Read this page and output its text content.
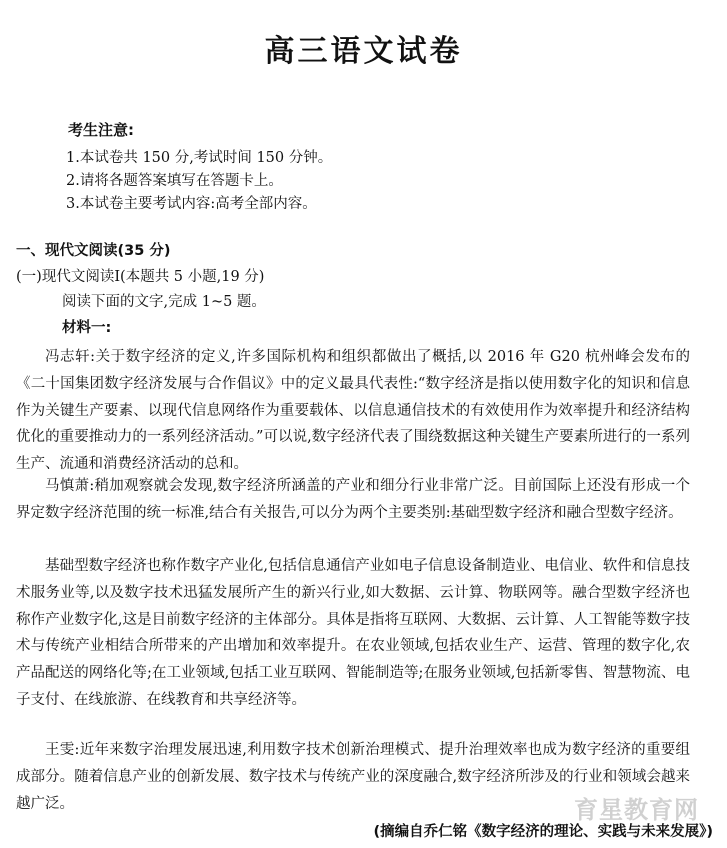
高三语文试卷
考生注意:
1.本试卷共 150 分,考试时间 150 分钟。
2.请将各题答案填写在答题卡上。
3.本试卷主要考试内容:高考全部内容。
一、现代文阅读(35 分)
(一)现代文阅读Ⅰ(本题共 5 小题,19 分)
阅读下面的文字,完成 1~5 题。
材料一:
冯志轩:关于数字经济的定义,许多国际机构和组织都做出了概括,以 2016 年 G20 杭州峰会发布的《二十国集团数字经济发展与合作倡议》中的定义最具代表性:“数字经济是指以使用数字化的知识和信息作为关键生产要素、以现代信息网络作为重要载体、以信息通信技术的有效使用作为效率提升和经济结构优化的重要推动力的一系列经济活动。”可以说,数字经济代表了围绕数据这种关键生产要素所进行的一系列生产、流通和消费经济活动的总和。
马慎萧:稍加观察就会发现,数字经济所涵盖的产业和细分行业非常广泛。目前国际上还没有形成一个界定数字经济范围的统一标准,结合有关报告,可以分为两个主要类别:基础型数字经济和融合型数字经济。
基础型数字经济也称作数字产业化,包括信息通信产业如电子信息设备制造业、电信业、软件和信息技术服务业等,以及数字技术迅猛发展所产生的新兴行业,如大数据、云计算、物联网等。融合型数字经济也称作产业数字化,这是目前数字经济的主体部分。具体是指将互联网、大数据、云计算、人工智能等数字技术与传统产业相结合所带来的产出增加和效率提升。在农业领域,包括农业生产、运营、管理的数字化,农产品配送的网络化等;在工业领域,包括工业互联网、智能制造等;在服务业领域,包括新零售、智慧物流、电子支付、在线旅游、在线教育和共享经济等。
王雯:近年来数字治理发展迅速,利用数字技术创新治理模式、提升治理效率也成为数字经济的重要组成部分。随着信息产业的创新发展、数字技术与传统产业的深度融合,数字经济所涉及的行业和领域会越来越广泛。	育星教育网
(摘编自乔仁铭《数字经济的理论、实践与未来发展》)
